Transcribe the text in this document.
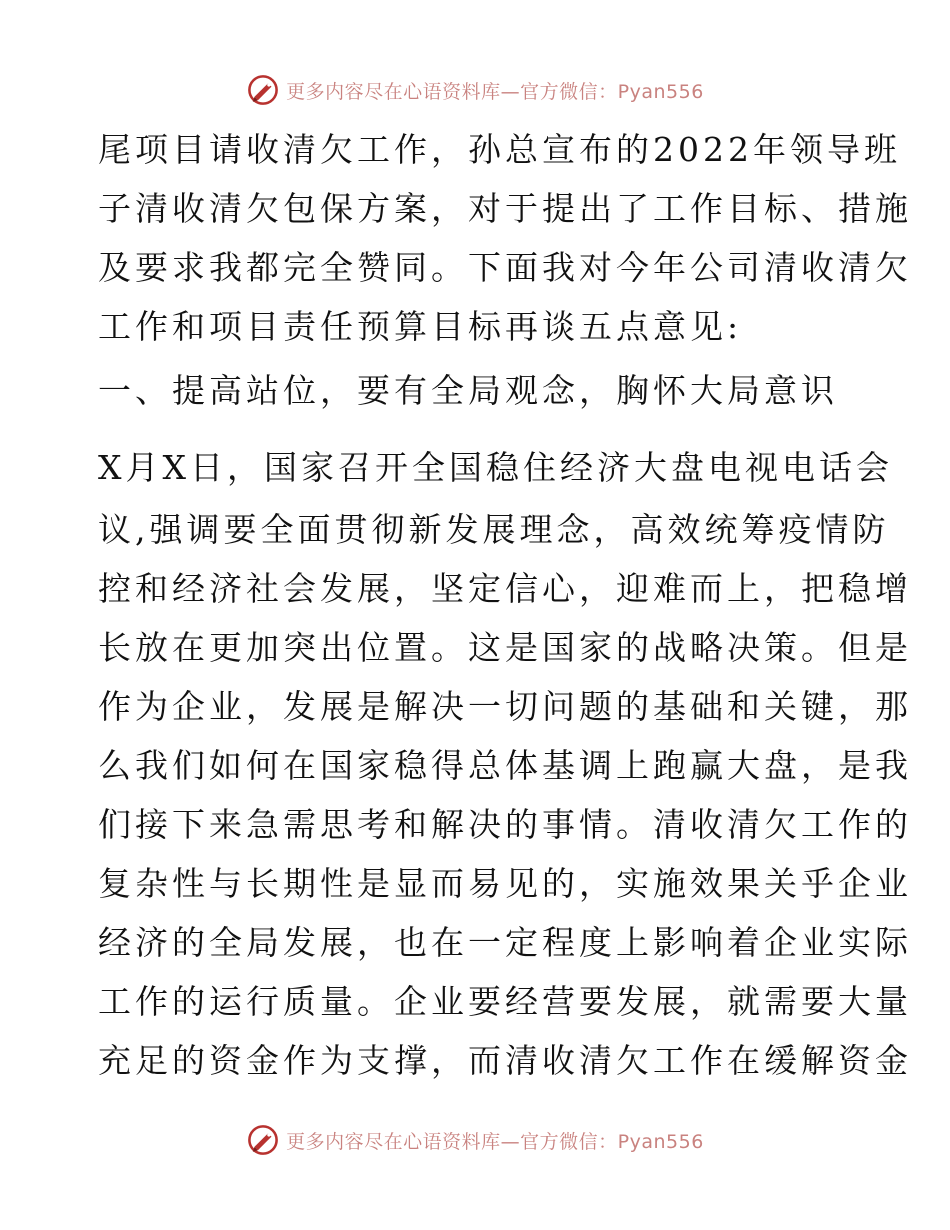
更多内容尽在心语资料库—官方微信：Pyan556
尾项目请收清欠工作，孙总宣布的2022年领导班
子清收清欠包保方案，对于提出了工作目标、措施
及要求我都完全赞同。下面我对今年公司清收清欠
工作和项目责任预算目标再谈五点意见:
一、提高站位，要有全局观念，胸怀大局意识
X月X日，国家召开全国稳住经济大盘电视电话会
议,强调要全面贯彻新发展理念，高效统筹疫情防
控和经济社会发展，坚定信心，迎难而上，把稳增
长放在更加突出位置。这是国家的战略决策。但是
作为企业，发展是解决一切问题的基础和关键，那
么我们如何在国家稳得总体基调上跑赢大盘，是我
们接下来急需思考和解决的事情。清收清欠工作的
复杂性与长期性是显而易见的，实施效果关乎企业
经济的全局发展，也在一定程度上影响着企业实际
工作的运行质量。企业要经营要发展，就需要大量
充足的资金作为支撑，而清收清欠工作在缓解资金
更多内容尽在心语资料库—官方微信：Pyan556
